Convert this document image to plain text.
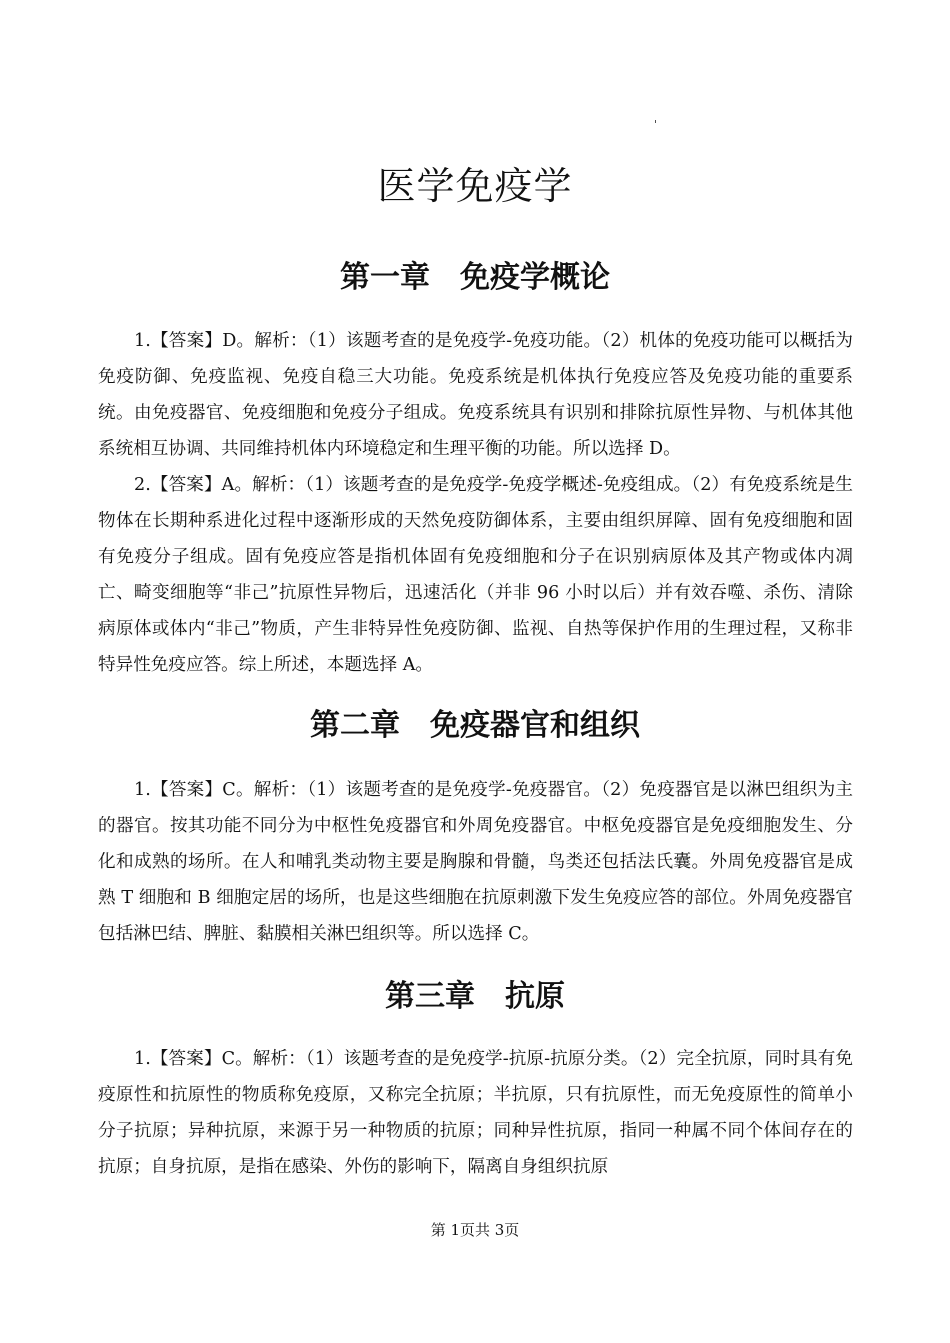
'
医学免疫学
第一章　免疫学概论

1.【答案】D。解析：（1）该题考查的是免疫学-免疫功能。（2）机体的免疫功能可以概括为免疫防御、免疫监视、免疫自稳三大功能。免疫系统是机体执行免疫应答及免疫功能的重要系统。由免疫器官、免疫细胞和免疫分子组成。免疫系统具有识别和排除抗原性异物、与机体其他系统相互协调、共同维持机体内环境稳定和生理平衡的功能。所以选择 D。

2.【答案】A。解析：（1）该题考查的是免疫学-免疫学概述-免疫组成。（2）有免疫系统是生物体在长期种系进化过程中逐渐形成的天然免疫防御体系，主要由组织屏障、固有免疫细胞和固有免疫分子组成。固有免疫应答是指机体固有免疫细胞和分子在识别病原体及其产物或体内凋亡、畸变细胞等“非己”抗原性异物后，迅速活化（并非 96 小时以后）并有效吞噬、杀伤、清除病原体或体内“非己”物质，产生非特异性免疫防御、监视、自热等保护作用的生理过程，又称非特异性免疫应答。综上所述，本题选择 A。

第二章　免疫器官和组织

1.【答案】C。解析：（1）该题考查的是免疫学-免疫器官。（2）免疫器官是以淋巴组织为主的器官。按其功能不同分为中枢性免疫器官和外周免疫器官。中枢免疫器官是免疫细胞发生、分化和成熟的场所。在人和哺乳类动物主要是胸腺和骨髓，鸟类还包括法氏囊。外周免疫器官是成熟 T 细胞和 B 细胞定居的场所，也是这些细胞在抗原刺激下发生免疫应答的部位。外周免疫器官包括淋巴结、脾脏、黏膜相关淋巴组织等。所以选择 C。

第三章　抗原

1.【答案】C。解析：（1）该题考查的是免疫学-抗原-抗原分类。（2）完全抗原，同时具有免疫原性和抗原性的物质称免疫原，又称完全抗原；半抗原，只有抗原性，而无免疫原性的简单小分子抗原；异种抗原，来源于另一种物质的抗原；同种异性抗原，指同一种属不同个体间存在的抗原；自身抗原，是指在感染、外伤的影响下，隔离自身组织抗原

第 1页共 3页
